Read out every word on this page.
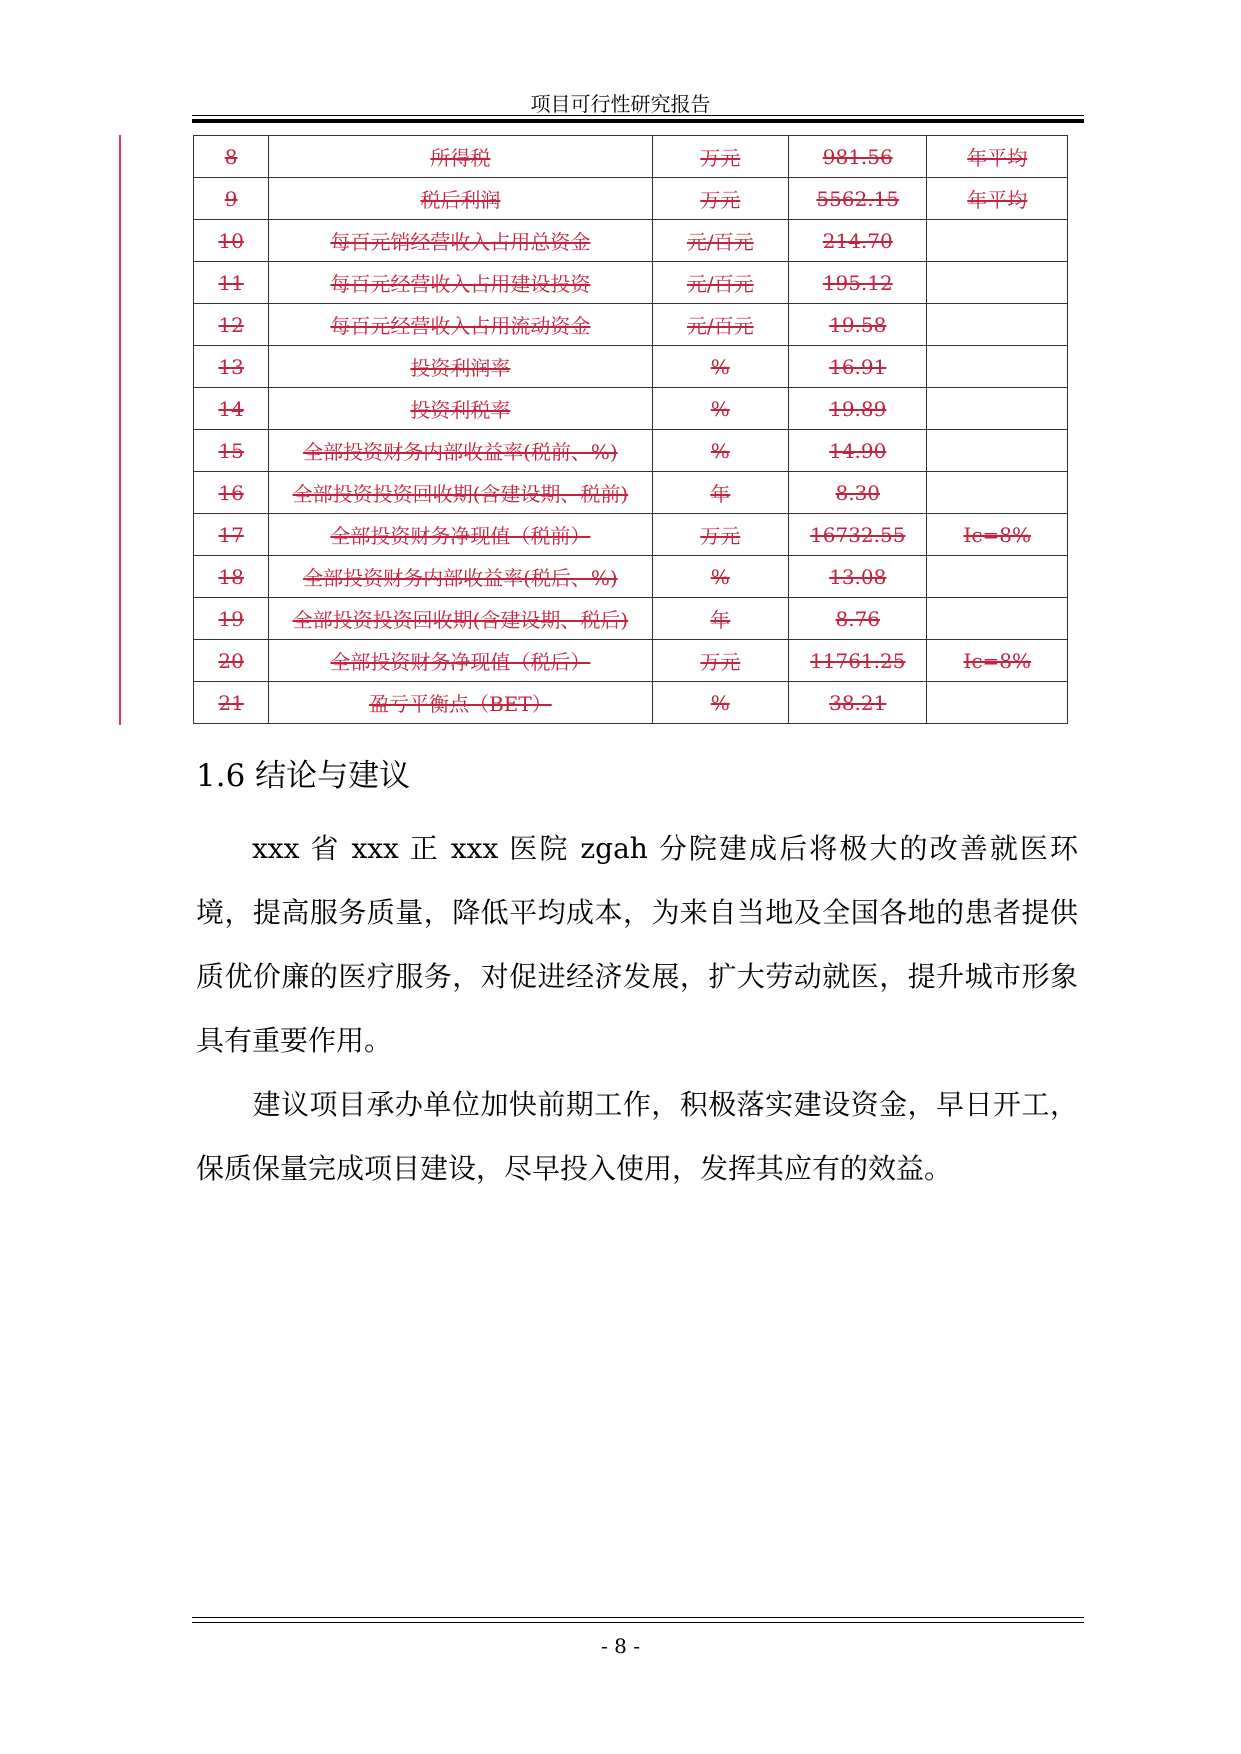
项目可行性研究报告
8	所得税	万元	981.56	年平均
9	税后利润	万元	5562.15	年平均
10	每百元销经营收入占用总资金	元/百元	214.70	
11	每百元经营收入占用建设投资	元/百元	195.12	
12	每百元经营收入占用流动资金	元/百元	19.58	
13	投资利润率	%	16.91	
14	投资利税率	%	19.89	
15	全部投资财务内部收益率(税前、%)	%	14.90	
16	全部投资投资回收期(含建设期、税前)	年	8.30	
17	全部投资财务净现值（税前）	万元	16732.55	Ic=8%
18	全部投资财务内部收益率(税后、%)	%	13.08	
19	全部投资投资回收期(含建设期、税后)	年	8.76	
20	全部投资财务净现值（税后）	万元	11761.25	Ic=8%
21	盈亏平衡点（BET）	%	38.21	
1.6 结论与建议
xxx 省 xxx 正 xxx 医院 zgah 分院建成后将极大的改善就医环境，提高服务质量，降低平均成本，为来自当地及全国各地的患者提供质优价廉的医疗服务，对促进经济发展，扩大劳动就医，提升城市形象具有重要作用。
建议项目承办单位加快前期工作，积极落实建设资金，早日开工，保质保量完成项目建设，尽早投入使用，发挥其应有的效益。
- 8 -
